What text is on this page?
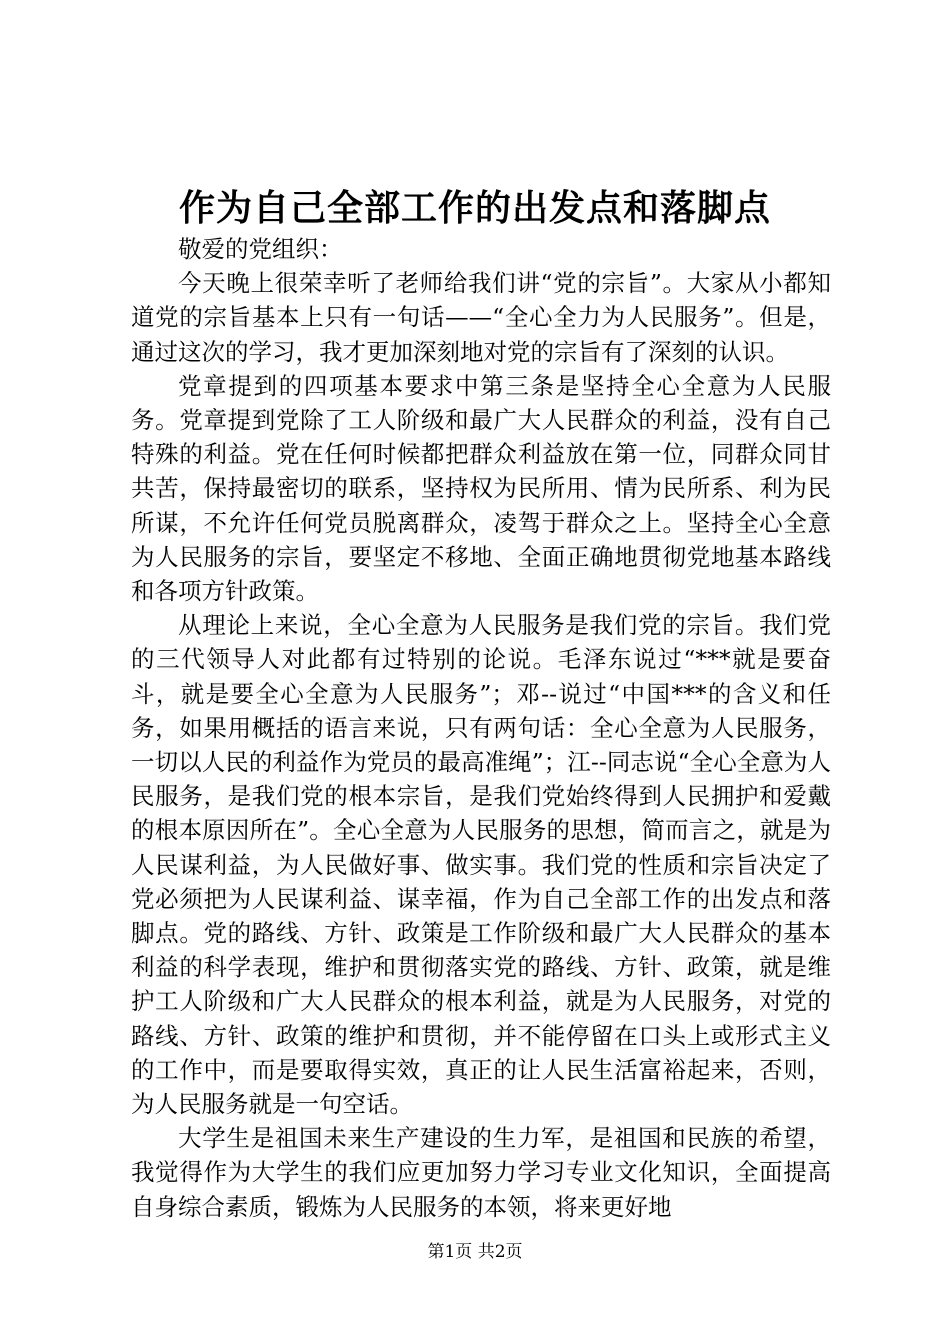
作为自己全部工作的出发点和落脚点

敬爱的党组织：

今天晚上很荣幸听了老师给我们讲“党的宗旨”。大家从小都知道党的宗旨基本上只有一句话——“全心全力为人民服务”。但是，通过这次的学习，我才更加深刻地对党的宗旨有了深刻的认识。

党章提到的四项基本要求中第三条是坚持全心全意为人民服务。党章提到党除了工人阶级和最广大人民群众的利益，没有自己特殊的利益。党在任何时候都把群众利益放在第一位，同群众同甘共苦，保持最密切的联系，坚持权为民所用、情为民所系、利为民所谋，不允许任何党员脱离群众，凌驾于群众之上。坚持全心全意为人民服务的宗旨，要坚定不移地、全面正确地贯彻党地基本路线和各项方针政策。

从理论上来说，全心全意为人民服务是我们党的宗旨。我们党的三代领导人对此都有过特别的论说。毛泽东说过“***就是要奋斗，就是要全心全意为人民服务”；邓--说过“中国***的含义和任务，如果用概括的语言来说，只有两句话：全心全意为人民服务，一切以人民的利益作为党员的最高准绳”；江--同志说“全心全意为人民服务，是我们党的根本宗旨，是我们党始终得到人民拥护和爱戴的根本原因所在”。全心全意为人民服务的思想，简而言之，就是为人民谋利益，为人民做好事、做实事。我们党的性质和宗旨决定了党必须把为人民谋利益、谋幸福，作为自己全部工作的出发点和落脚点。党的路线、方针、政策是工作阶级和最广大人民群众的基本利益的科学表现，维护和贯彻落实党的路线、方针、政策，就是维护工人阶级和广大人民群众的根本利益，就是为人民服务，对党的路线、方针、政策的维护和贯彻，并不能停留在口头上或形式主义的工作中，而是要取得实效，真正的让人民生活富裕起来，否则，为人民服务就是一句空话。

大学生是祖国未来生产建设的生力军，是祖国和民族的希望，我觉得作为大学生的我们应更加努力学习专业文化知识，全面提高自身综合素质，锻炼为人民服务的本领，将来更好地

第1页 共2页
